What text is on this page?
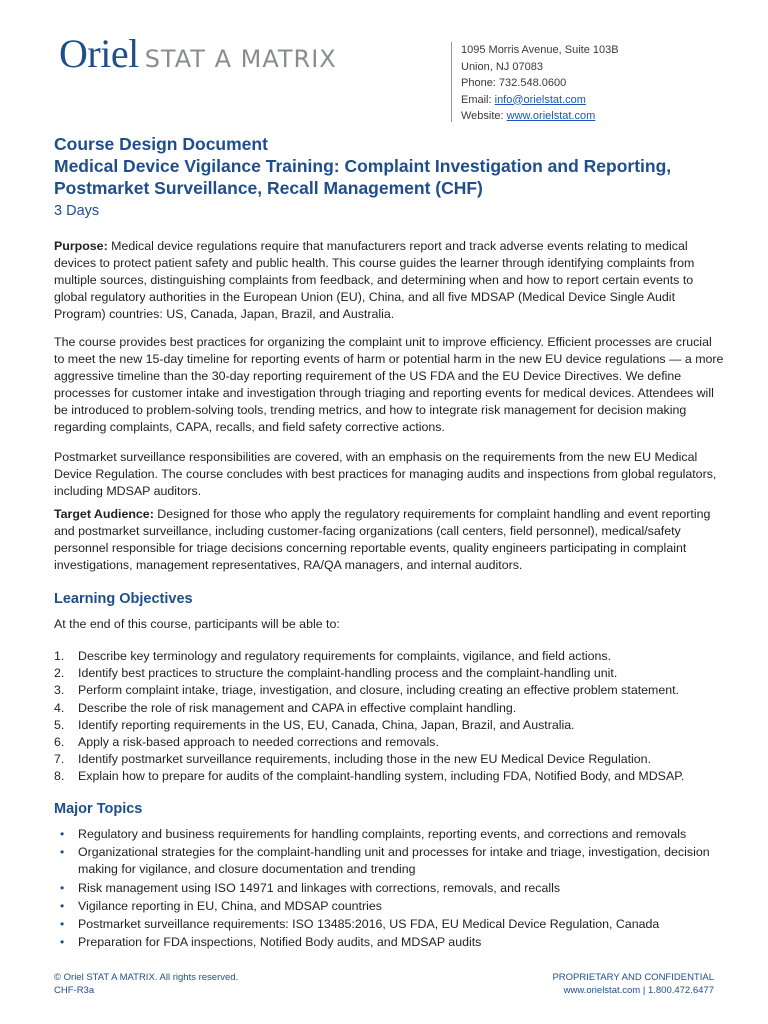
Oriel STAT A MATRIX	1095 Morris Avenue, Suite 103B
Union, NJ 07083
Phone: 732.548.0600
Email: info@orielstat.com
Website: www.orielstat.com
Course Design Document
Medical Device Vigilance Training: Complaint Investigation and Reporting, Postmarket Surveillance, Recall Management (CHF)
3 Days

Purpose: Medical device regulations require that manufacturers report and track adverse events relating to medical devices to protect patient safety and public health. This course guides the learner through identifying complaints from multiple sources, distinguishing complaints from feedback, and determining when and how to report certain events to global regulatory authorities in the European Union (EU), China, and all five MDSAP (Medical Device Single Audit Program) countries: US, Canada, Japan, Brazil, and Australia.

The course provides best practices for organizing the complaint unit to improve efficiency. Efficient processes are crucial to meet the new 15-day timeline for reporting events of harm or potential harm in the new EU device regulations — a more aggressive timeline than the 30-day reporting requirement of the US FDA and the EU Device Directives. We define processes for customer intake and investigation through triaging and reporting events for medical devices. Attendees will be introduced to problem-solving tools, trending metrics, and how to integrate risk management for decision making regarding complaints, CAPA, recalls, and field safety corrective actions.

Postmarket surveillance responsibilities are covered, with an emphasis on the requirements from the new EU Medical Device Regulation. The course concludes with best practices for managing audits and inspections from global regulators, including MDSAP auditors.

Target Audience: Designed for those who apply the regulatory requirements for complaint handling and event reporting and postmarket surveillance, including customer-facing organizations (call centers, field personnel), medical/safety personnel responsible for triage decisions concerning reportable events, quality engineers participating in complaint investigations, management representatives, RA/QA managers, and internal auditors.

Learning Objectives

At the end of this course, participants will be able to:

1.	Describe key terminology and regulatory requirements for complaints, vigilance, and field actions.
2.	Identify best practices to structure the complaint-handling process and the complaint-handling unit.
3.	Perform complaint intake, triage, investigation, and closure, including creating an effective problem statement.
4.	Describe the role of risk management and CAPA in effective complaint handling.
5.	Identify reporting requirements in the US, EU, Canada, China, Japan, Brazil, and Australia.
6.	Apply a risk-based approach to needed corrections and removals.
7.	Identify postmarket surveillance requirements, including those in the new EU Medical Device Regulation.
8.	Explain how to prepare for audits of the complaint-handling system, including FDA, Notified Body, and MDSAP.
Major Topics
•	Regulatory and business requirements for handling complaints, reporting events, and corrections and removals
•	Organizational strategies for the complaint-handling unit and processes for intake and triage, investigation, decision making for vigilance, and closure documentation and trending
•	Risk management using ISO 14971 and linkages with corrections, removals, and recalls
•	Vigilance reporting in EU, China, and MDSAP countries
•	Postmarket surveillance requirements: ISO 13485:2016, US FDA, EU Medical Device Regulation, Canada
•	Preparation for FDA inspections, Notified Body audits, and MDSAP audits
© Oriel STAT A MATRIX. All rights reserved.
CHF-R3a
PROPRIETARY AND CONFIDENTIAL
www.orielstat.com | 1.800.472.6477
